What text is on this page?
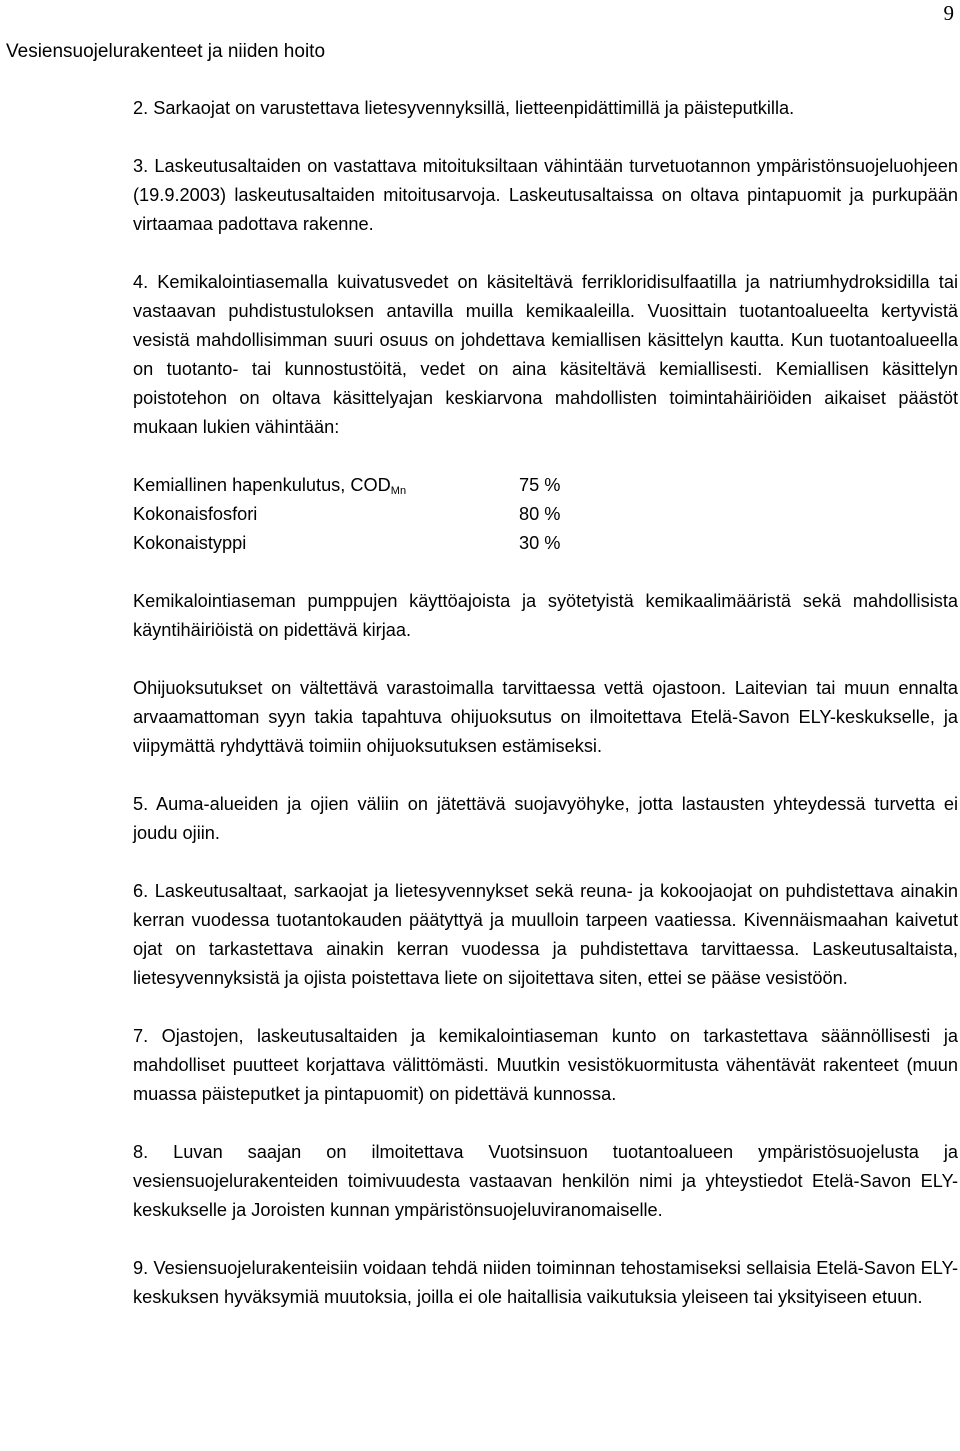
9
Vesiensuojelurakenteet ja niiden hoito

2. Sarkaojat on varustettava lietesyvennyksillä, lietteenpidättimillä ja päisteputkilla.

3. Laskeutusaltaiden on vastattava mitoituksiltaan vähintään turvetuotannon ympäristönsuojeluohjeen (19.9.2003) laskeutusaltaiden mitoitusarvoja. Laskeutusaltaissa on oltava pintapuomit ja purkupään virtaamaa padottava rakenne.

4. Kemikalointiasemalla kuivatusvedet on käsiteltävä ferrikloridisulfaatilla ja natriumhydroksidilla tai vastaavan puhdistustuloksen antavilla muilla kemikaaleilla. Vuosittain tuotantoalueelta kertyvistä vesistä mahdollisimman suuri osuus on johdettava kemiallisen käsittelyn kautta. Kun tuotantoalueella on tuotanto- tai kunnostustöitä, vedet on aina käsiteltävä kemiallisesti. Kemiallisen käsittelyn poistotehon on oltava käsittelyajan keskiarvona mahdollisten toimintahäiriöiden aikaiset päästöt mukaan lukien vähintään:

Kemiallinen hapenkulutus, $COD_{Mn}$	75 %
Kokonaisfosfori	80 %
Kokonaistyppi	30 %

Kemikalointiaseman pumppujen käyttöajoista ja syötetyistä kemikaalimääristä sekä mahdollisista käyntihäiriöistä on pidettävä kirjaa.

Ohijuoksutukset on vältettävä varastoimalla tarvittaessa vettä ojastoon. Laitevian tai muun ennalta arvaamattoman syyn takia tapahtuva ohijuoksutus on ilmoitettava Etelä-Savon ELY-keskukselle, ja viipymättä ryhdyttävä toimiin ohijuoksutuksen estämiseksi.

5. Auma-alueiden ja ojien väliin on jätettävä suojavyöhyke, jotta lastausten yhteydessä turvetta ei joudu ojiin.

6. Laskeutusaltaat, sarkaojat ja lietesyvennykset sekä reuna- ja kokoojaojat on puhdistettava ainakin kerran vuodessa tuotantokauden päätyttyä ja muulloin tarpeen vaatiessa. Kivennäismaahan kaivetut ojat on tarkastettava ainakin kerran vuodessa ja puhdistettava tarvittaessa. Laskeutusaltaista, lietesyvennyksistä ja ojista poistettava liete on sijoitettava siten, ettei se pääse vesistöön.

7. Ojastojen, laskeutusaltaiden ja kemikalointiaseman kunto on tarkastettava säännöllisesti ja mahdolliset puutteet korjattava välittömästi. Muutkin vesistökuormitusta vähentävät rakenteet (muun muassa päisteputket ja pintapuomit) on pidettävä kunnossa.

8. Luvan saajan on ilmoitettava Vuotsinsuon tuotantoalueen ympäristösuojelusta ja vesiensuojelurakenteiden toimivuudesta vastaavan henkilön nimi ja yhteystiedot Etelä-Savon ELY-keskukselle ja Joroisten kunnan ympäristönsuojeluviranomaiselle.

9. Vesiensuojelurakenteisiin voidaan tehdä niiden toiminnan tehostamiseksi sellaisia Etelä-Savon ELY-keskuksen hyväksymiä muutoksia, joilla ei ole haitallisia vaikutuksia yleiseen tai yksityiseen etuun.
